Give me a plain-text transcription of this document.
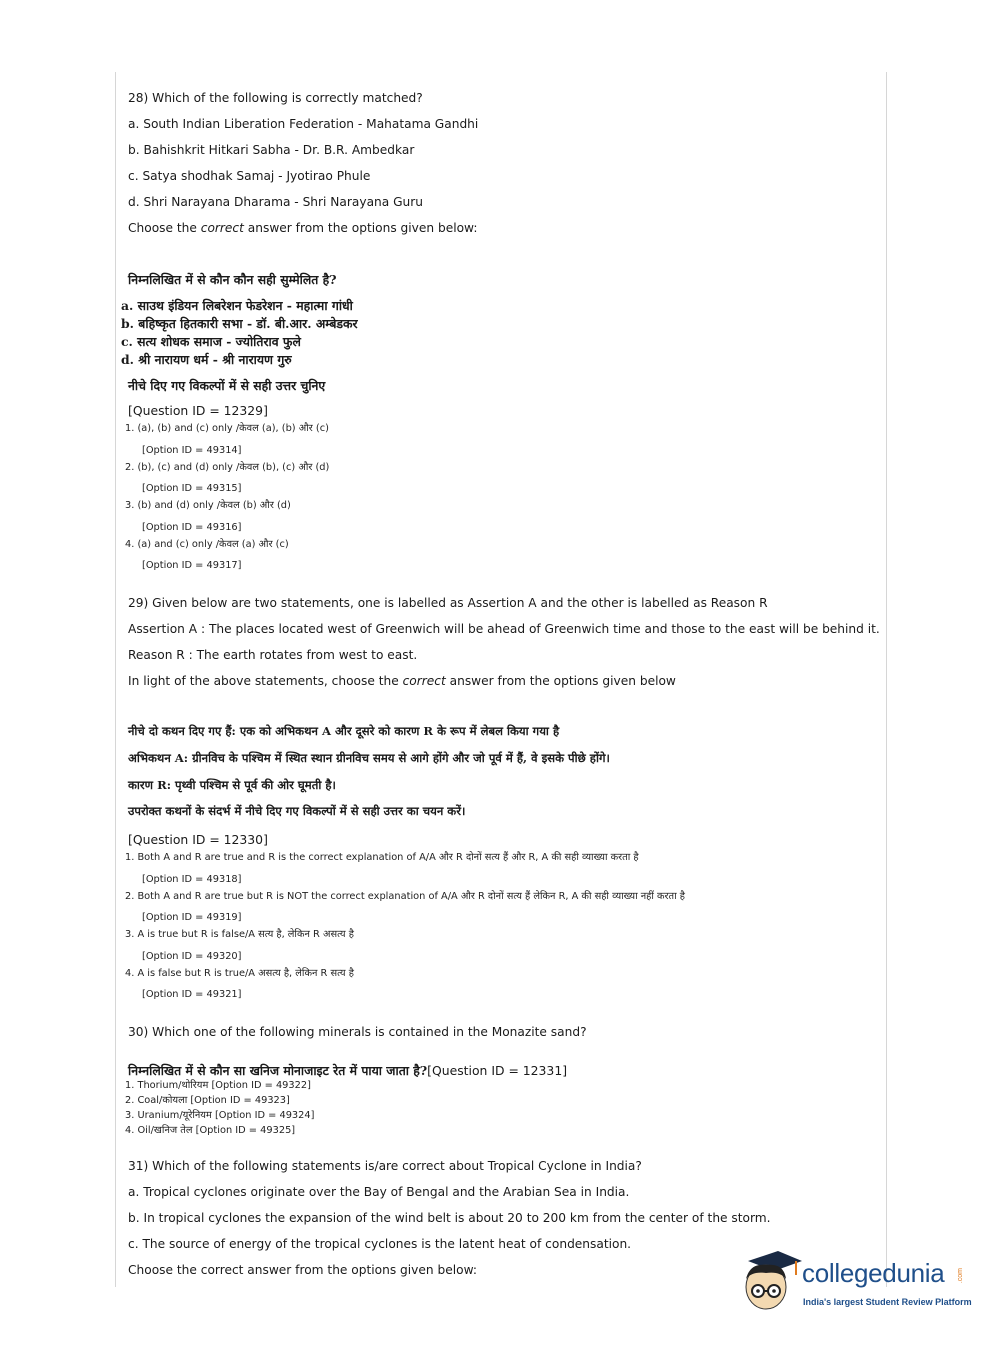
28) Which of the following is correctly matched?
a. South Indian Liberation Federation - Mahatama Gandhi
b. Bahishkrit Hitkari Sabha - Dr. B.R. Ambedkar
c. Satya shodhak Samaj - Jyotirao Phule
d. Shri Narayana Dharama - Shri Narayana Guru
Choose the correct answer from the options given below:
निम्नलिखित में से कौन कौन सही सुम्मेलित है?
a. साउथ इंडियन लिबरेशन फेडरेशन - महात्मा गांधी
b. बहिष्कृत हितकारी सभा - डॉ. बी.आर. अम्बेडकर
c. सत्य शोधक समाज - ज्योतिराव फुले
d. श्री नारायण धर्म - श्री नारायण गुरु
नीचे दिए गए विकल्पों में से सही उत्तर चुनिए
[Question ID = 12329]
1. (a), (b) and (c) only /केवल (a), (b) और (c)
[Option ID = 49314]
2. (b), (c) and (d) only /केवल (b), (c) और (d)
[Option ID = 49315]
3. (b) and (d) only /केवल (b) और (d)
[Option ID = 49316]
4. (a) and (c) only /केवल (a) और (c)
[Option ID = 49317]
29) Given below are two statements, one is labelled as Assertion A and the other is labelled as Reason R
Assertion A : The places located west of Greenwich will be ahead of Greenwich time and those to the east will be behind it.
Reason R : The earth rotates from west to east.
In light of the above statements, choose the correct answer from the options given below
नीचे दो कथन दिए गए हैं: एक को अभिकथन A और दूसरे को कारण R के रूप में लेबल किया गया है
अभिकथन A: ग्रीनविच के पश्चिम में स्थित स्थान ग्रीनविच समय से आगे होंगे और जो पूर्व में हैं, वे इसके पीछे होंगे।
कारण R: पृथ्वी पश्चिम से पूर्व की ओर घूमती है।
उपरोक्त कथनों के संदर्भ में नीचे दिए गए विकल्पों में से सही उत्तर का चयन करें।
[Question ID = 12330]
1. Both A and R are true and R is the correct explanation of A/A और R दोनों सत्य हैं और R, A की सही व्याख्या करता है
[Option ID = 49318]
2. Both A and R are true but R is NOT the correct explanation of A/A और R दोनों सत्य हैं लेकिन R, A की सही व्याख्या नहीं करता है
[Option ID = 49319]
3. A is true but R is false/A सत्य है, लेकिन R असत्य है
[Option ID = 49320]
4. A is false but R is true/A असत्य है, लेकिन R सत्य है
[Option ID = 49321]
30) Which one of the following minerals is contained in the Monazite sand?
निम्नलिखित में से कौन सा खनिज मोनाजाइट रेत में पाया जाता है?[Question ID = 12331]
1. Thorium/थोरियम [Option ID = 49322]
2. Coal/कोयला [Option ID = 49323]
3. Uranium/यूरेनियम [Option ID = 49324]
4. Oil/खनिज तेल [Option ID = 49325]
31) Which of the following statements is/are correct about Tropical Cyclone in India?
a. Tropical cyclones originate over the Bay of Bengal and the Arabian Sea in India.
b. In tropical cyclones the expansion of the wind belt is about 20 to 200 km from the center of the storm.
c. The source of energy of the tropical cyclones is the latent heat of condensation.
Choose the correct answer from the options given below:	collegedunia .com
India's largest Student Review Platform
